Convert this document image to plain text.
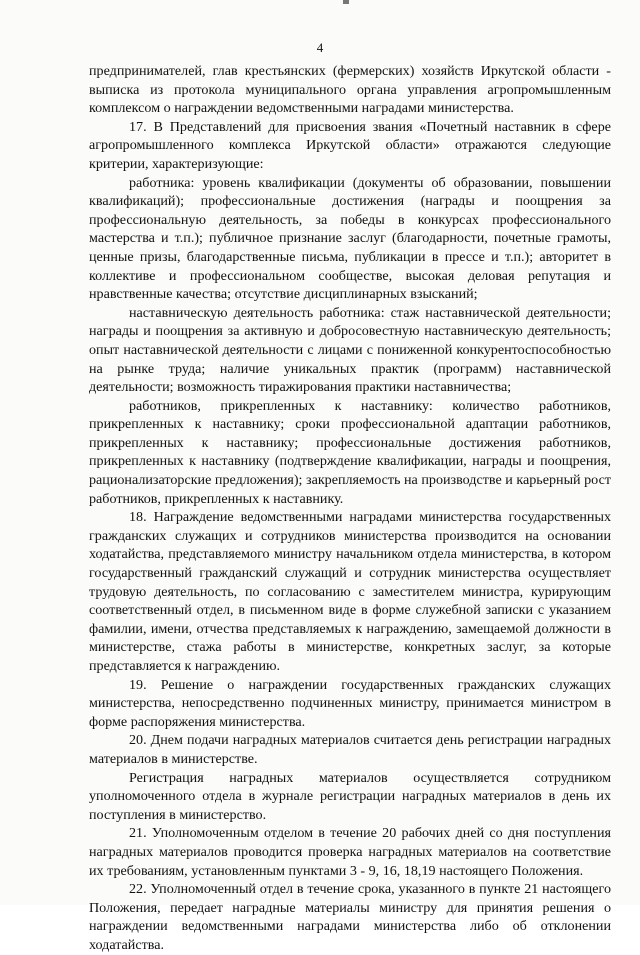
4

предпринимателей, глав крестьянских (фермерских) хозяйств Иркутской области - выписка из протокола муниципального органа управления агропромышленным комплексом о награждении ведомственными наградами министерства.

17. В Представлений для присвоения звания «Почетный наставник в сфере агропромышленного комплекса Иркутской области» отражаются следующие критерии, характеризующие:

работника: уровень квалификации (документы об образовании, повышении квалификаций); профессиональные достижения (награды и поощрения за профессиональную деятельность, за победы в конкурсах профессионального мастерства и т.п.); публичное признание заслуг (благодарности, почетные грамоты, ценные призы, благодарственные письма, публикации в прессе и т.п.); авторитет в коллективе и профессиональном сообществе, высокая деловая репутация и нравственные качества; отсутствие дисциплинарных взысканий;

наставническую деятельность работника: стаж наставнической деятельности; награды и поощрения за активную и добросовестную наставническую деятельность; опыт наставнической деятельности с лицами с пониженной конкурентоспособностью на рынке труда; наличие уникальных практик (программ) наставнической деятельности; возможность тиражирования практики наставничества;

работников, прикрепленных к наставнику: количество работников, прикрепленных к наставнику; сроки профессиональной адаптации работников, прикрепленных к наставнику; профессиональные достижения работников, прикрепленных к наставнику (подтверждение квалификации, награды и поощрения, рационализаторские предложения); закрепляемость на производстве и карьерный рост работников, прикрепленных к наставнику.

18. Награждение ведомственными наградами министерства государственных гражданских служащих и сотрудников министерства производится на основании ходатайства, представляемого министру начальником отдела министерства, в котором государственный гражданский служащий и сотрудник министерства осуществляет трудовую деятельность, по согласованию с заместителем министра, курирующим соответственный отдел, в письменном виде в форме служебной записки с указанием фамилии, имени, отчества представляемых к награждению, замещаемой должности в министерстве, стажа работы в министерстве, конкретных заслуг, за которые представляется к награждению.

19. Решение о награждении государственных гражданских служащих министерства, непосредственно подчиненных министру, принимается министром в форме распоряжения министерства.

20. Днем подачи наградных материалов считается день регистрации наградных материалов в министерстве.

Регистрация наградных материалов осуществляется сотрудником уполномоченного отдела в журнале регистрации наградных материалов в день их поступления в министерство.

21. Уполномоченным отделом в течение 20 рабочих дней со дня поступления наградных материалов проводится проверка наградных материалов на соответствие их требованиям, установленным пунктами 3 - 9, 16, 18,19 настоящего Положения.

22. Уполномоченный отдел в течение срока, указанного в пункте 21 настоящего Положения, передает наградные материалы министру для принятия решения о награждении ведомственными наградами министерства либо об отклонении ходатайства.
